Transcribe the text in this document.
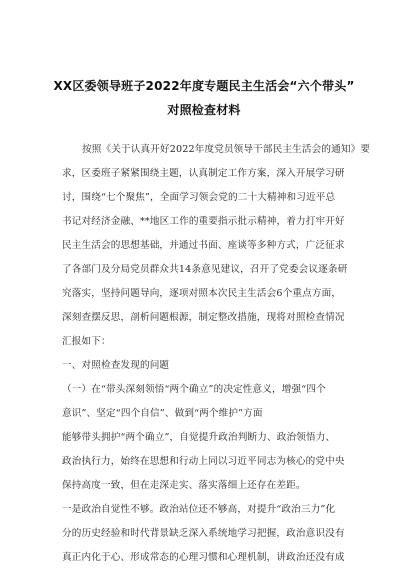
XX区委领导班子2022年度专题民主生活会“六个带头”
对照检查材料
按照《关于认真开好2022年度党员领导干部民主生活会的通知》要
求，区委班子紧紧围绕主题，认真制定工作方案，深入开展学习研
讨，围绕“七个聚焦”，全面学习领会党的二十大精神和习近平总
书记对经济金融、**地区工作的重要指示批示精神，着力打牢开好
民主生活会的思想基础，并通过书面、座谈等多种方式，广泛征求
了各部门及分局党员群众共14条意见建议，召开了党委会议逐条研
究落实，坚持问题导向，逐项对照本次民主生活会6个重点方面，
深刻查摆反思，剖析问题根源，制定整改措施，现将对照检查情况
汇报如下：
一、对照检查发现的问题
（一）在“带头深刻领悟“两个确立”的决定性意义，增强“四个
意识”、坚定“四个自信”、做到“两个维护”方面
能够带头拥护“两个确立”，自觉提升政治判断力、政治领悟力、
政治执行力，始终在思想和行动上同以习近平同志为核心的党中央
保持高度一致，但在走深走实、落实落细上还存在差距。
一是政治自觉性不够。政治站位还不够高，对提升“政治三力”化
分的历史经验和时代背景缺乏深入系统地学习把握，政治意识没有
真正内化于心、形成常态的心理习惯和心理机制，讲政治还没有成
